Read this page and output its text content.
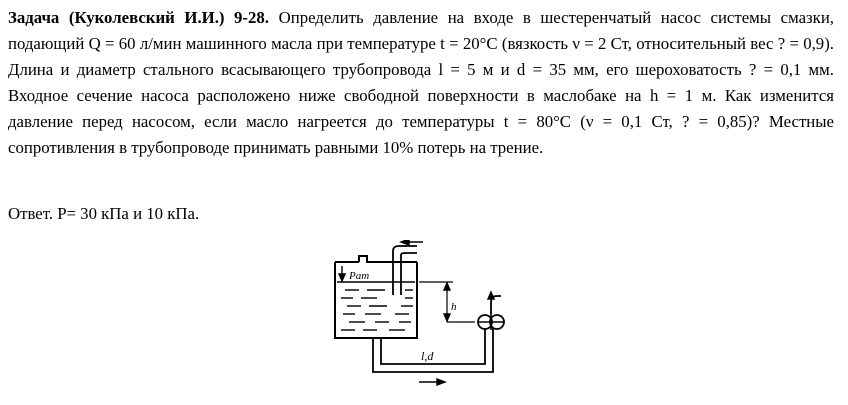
Задача (Куколевский И.И.) 9-28. Определить давление на входе в шестеренчатый насос системы смазки, подающий Q = 60 л/мин машинного масла при температуре t = 20°C (вязкость ν = 2 Ст, относительный вес ? = 0,9). Длина и диаметр стального всасывающего трубопровода l = 5 м и d = 35 мм, его шероховатость ? = 0,1 мм. Входное сечение насоса расположено ниже свободной поверхности в маслобаке на h = 1 м. Как изменится давление перед насосом, если масло нагреется до температуры t = 80°C (ν = 0,1 Ст, ? = 0,85)? Местные сопротивления в трубопроводе принимать равными 10% потерь на трение.

Ответ. Р= 30 кПа и 10 кПа.

Pат
h
l,d
